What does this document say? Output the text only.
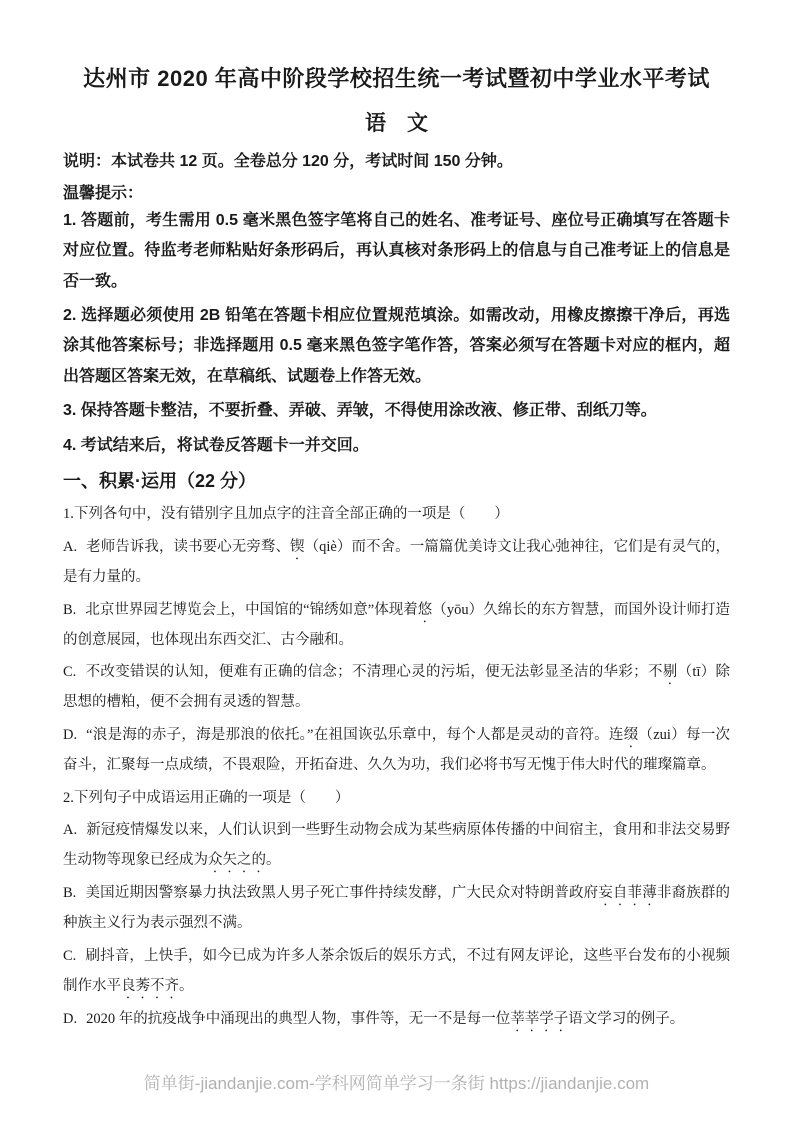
达州市 2020 年高中阶段学校招生统一考试暨初中学业水平考试
语　文

说明：本试卷共 12 页。全卷总分 120 分，考试时间 150 分钟。

温馨提示：

1. 答题前，考生需用 0.5 毫米黑色签字笔将自己的姓名、准考证号、座位号正确填写在答题卡对应位置。待监考老师粘贴好条形码后，再认真核对条形码上的信息与自己准考证上的信息是否一致。

2. 选择题必须使用 2B 铅笔在答题卡相应位置规范填涂。如需改动，用橡皮擦擦干净后，再选涂其他答案标号；非选择题用 0.5 毫来黑色签字笔作答，答案必须写在答题卡对应的框内，超出答题区答案无效，在草稿纸、试题卷上作答无效。

3. 保持答题卡整洁，不要折叠、弄破、弄皱，不得使用涂改液、修正带、刮纸刀等。

4. 考试结来后，将试卷反答题卡一并交回。

一、积累·运用（22 分）

1.下列各句中，没有错别字且加点字的注音全部正确的一项是（　　）

A. 老师告诉我，读书要心无旁骛、锲（qiè）而不舍。一篇篇优美诗文让我心弛神往，它们是有灵气的，是有力量的。

B. 北京世界园艺博览会上，中国馆的“锦绣如意”体现着悠（yōu）久绵长的东方智慧，而国外设计师打造的创意展园，也体现出东西交汇、古今融和。

C. 不改变错误的认知，便难有正确的信念；不清理心灵的污垢，便无法彰显圣洁的华彩；不剔（tī）除思想的槽粕，便不会拥有灵透的智慧。

D. “浪是海的赤子，海是那浪的依托。”在祖国诙弘乐章中，每个人都是灵动的音符。连缀（zui）每一次奋斗，汇聚每一点成绩，不畏艰险，开拓奋进、久久为功，我们必将书写无愧于伟大时代的璀璨篇章。

2.下列句子中成语运用正确的一项是（　　）

A. 新冠疫情爆发以来，人们认识到一些野生动物会成为某些病原体传播的中间宿主，食用和非法交易野生动物等现象已经成为众矢之的。

B. 美国近期因警察暴力执法致黑人男子死亡事件持续发酵，广大民众对特朗普政府妄自菲薄非裔族群的种族主义行为表示强烈不满。

C. 刷抖音，上快手，如今已成为许多人茶余饭后的娱乐方式，不过有网友评论，这些平台发布的小视频制作水平良莠不齐。

D. 2020 年的抗疫战争中涌现出的典型人物，事件等，无一不是每一位莘莘学子语文学习的例子。

简单街-jiandanjie.com-学科网简单学习一条街 https://jiandanjie.com
